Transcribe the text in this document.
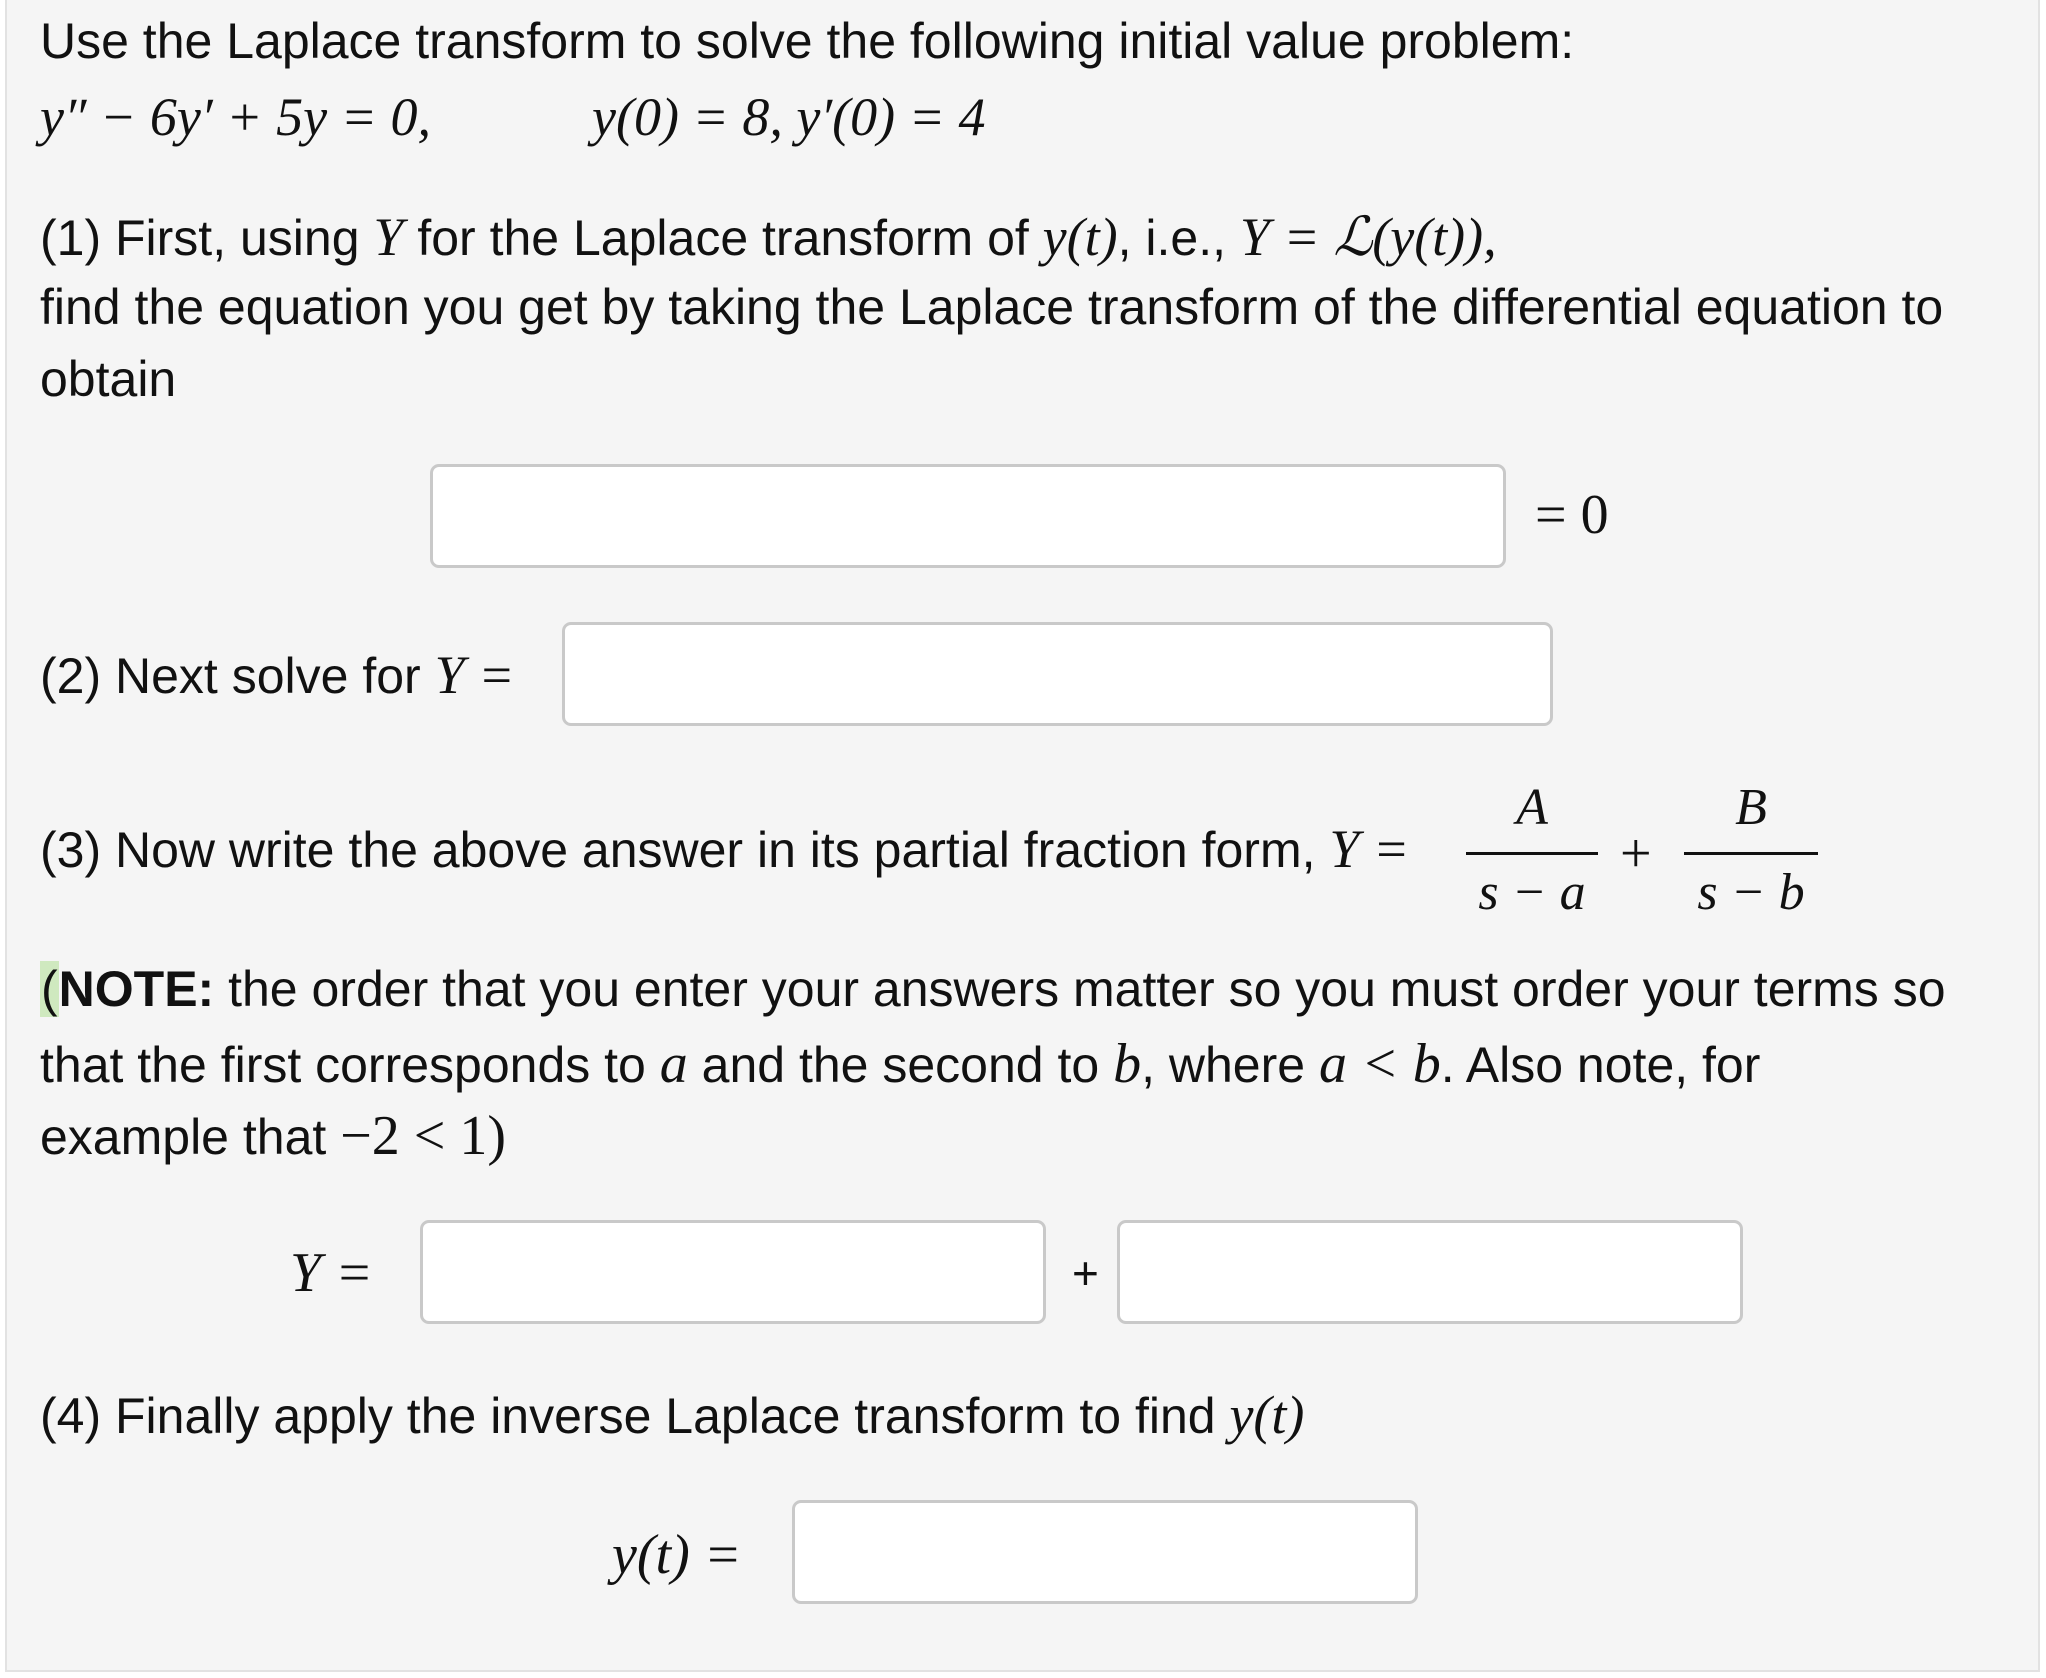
Use the Laplace transform to solve the following initial value problem:
y″ − 6y′ + 5y = 0,	y(0) = 8, y′(0) = 4
(1) First, using Y for the Laplace transform of y(t), i.e., Y = ℒ(y(t)),
find the equation you get by taking the Laplace transform of the differential equation to
obtain
= 0
(2) Next solve for Y =
(3) Now write the above answer in its partial fraction form, Y =
A
s − a
+
B
s − b
(NOTE: the order that you enter your answers matter so you must order your terms so
that the first corresponds to a and the second to b, where a < b. Also note, for
example that −2 < 1)
Y =	+
(4) Finally apply the inverse Laplace transform to find y(t)
y(t) =
